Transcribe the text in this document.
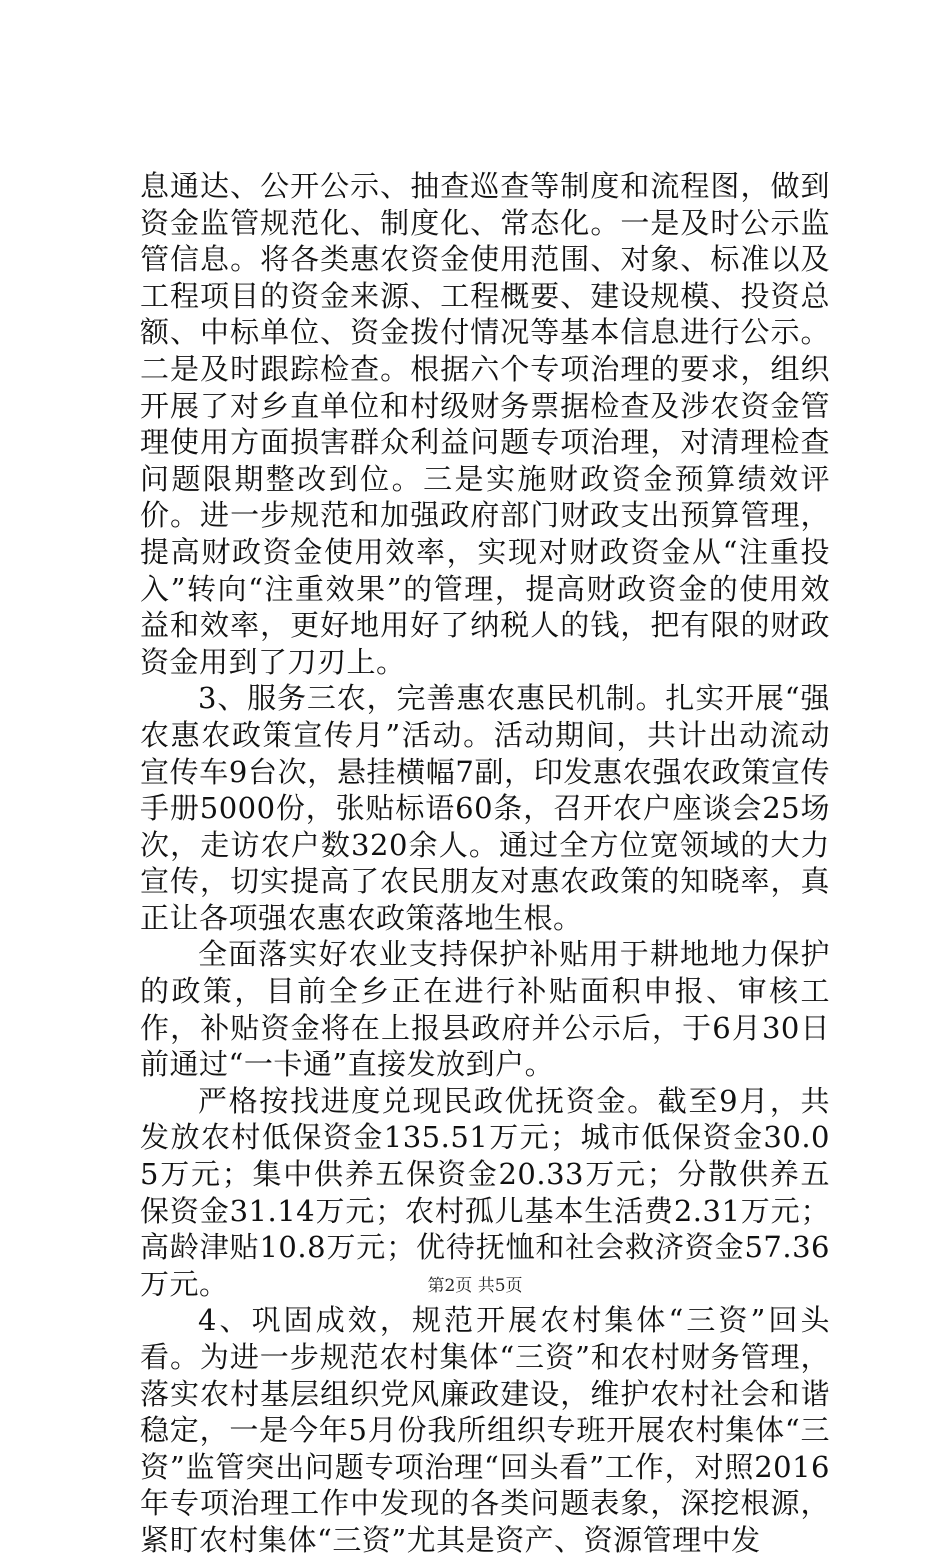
息通达、公开公示、抽查巡查等制度和流程图，做到资金监管规范化、制度化、常态化。一是及时公示监管信息。将各类惠农资金使用范围、对象、标准以及工程项目的资金来源、工程概要、建设规模、投资总额、中标单位、资金拨付情况等基本信息进行公示。二是及时跟踪检查。根据六个专项治理的要求，组织开展了对乡直单位和村级财务票据检查及涉农资金管理使用方面损害群众利益问题专项治理，对清理检查问题限期整改到位。三是实施财政资金预算绩效评价。进一步规范和加强政府部门财政支出预算管理，提高财政资金使用效率，实现对财政资金从“注重投入”转向“注重效果”的管理，提高财政资金的使用效益和效率，更好地用好了纳税人的钱，把有限的财政资金用到了刀刃上。

3、服务三农，完善惠农惠民机制。扎实开展“强农惠农政策宣传月”活动。活动期间，共计出动流动宣传车9台次，悬挂横幅7副，印发惠农强农政策宣传手册5000份，张贴标语60条，召开农户座谈会25场次，走访农户数320余人。通过全方位宽领域的大力宣传，切实提高了农民朋友对惠农政策的知晓率，真正让各项强农惠农政策落地生根。

全面落实好农业支持保护补贴用于耕地地力保护的政策，目前全乡正在进行补贴面积申报、审核工作，补贴资金将在上报县政府并公示后，于6月30日前通过“一卡通”直接发放到户。

严格按找进度兑现民政优抚资金。截至9月，共发放农村低保资金135.51万元；城市低保资金30.05万元；集中供养五保资金20.33万元；分散供养五保资金31.14万元；农村孤儿基本生活费2.31万元；高龄津贴10.8万元；优待抚恤和社会救济资金57.36万元。

4、巩固成效，规范开展农村集体“三资”回头看。为进一步规范农村集体“三资”和农村财务管理，落实农村基层组织党风廉政建设，维护农村社会和谐稳定，一是今年5月份我所组织专班开展农村集体“三资”监管突出问题专项治理“回头看”工作，对照2016年专项治理工作中发现的各类问题表象，深挖根源，紧盯农村集体“三资”尤其是资产、资源管理中发

第2页 共5页
